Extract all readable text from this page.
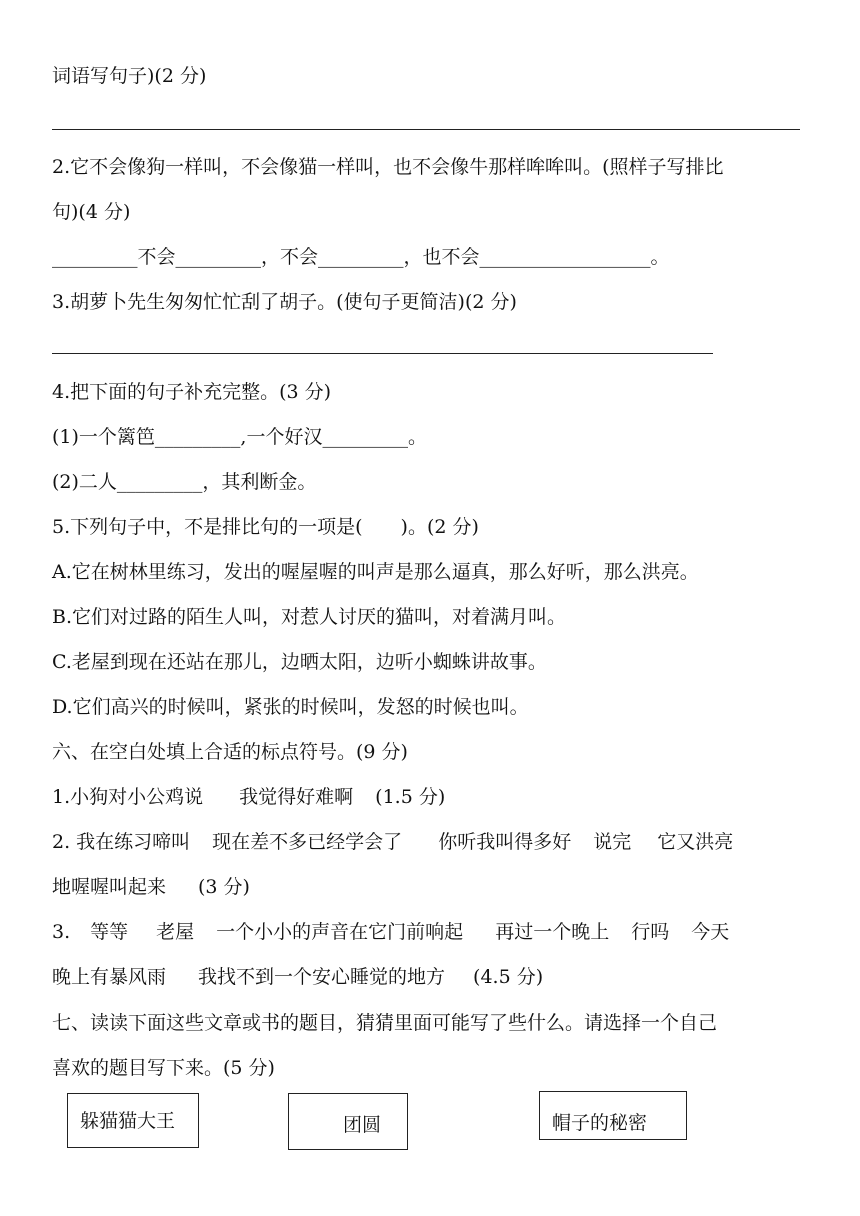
词语写句子)(2 分)
2.它不会像狗一样叫，不会像猫一样叫，也不会像牛那样哞哞叫。(照样子写排比
句)(4 分)
_________不会_________，不会_________，也不会__________________。
3.胡萝卜先生匆匆忙忙刮了胡子。(使句子更简洁)(2 分)
4.把下面的句子补充完整。(3 分)
(1)一个篱笆_________,一个好汉_________。
(2)二人_________，其利断金。
5.下列句子中，不是排比句的一项是(　　)。(2 分)
A.它在树林里练习，发出的喔屋喔的叫声是那么逼真，那么好听，那么洪亮。
B.它们对过路的陌生人叫，对惹人讨厌的猫叫，对着满月叫。
C.老屋到现在还站在那儿，边晒太阳，边听小蜘蛛讲故事。
D.它们高兴的时候叫，紧张的时候叫，发怒的时候也叫。
六、在空白处填上合适的标点符号。(9 分)
1.小狗对小公鸡说 我觉得好难啊 (1.5 分)
2. 我在练习啼叫 现在差不多已经学会了 你听我叫得多好 说完 它又洪亮
地喔喔叫起来 (3 分)
3. 等等 老屋 一个小小的声音在它门前响起 再过一个晚上 行吗 今天
晚上有暴风雨 我找不到一个安心睡觉的地方 (4.5 分)
七、读读下面这些文章或书的题目，猜猜里面可能写了些什么。请选择一个自己
喜欢的题目写下来。(5 分)
躲猫猫大王	团圆	帽子的秘密
